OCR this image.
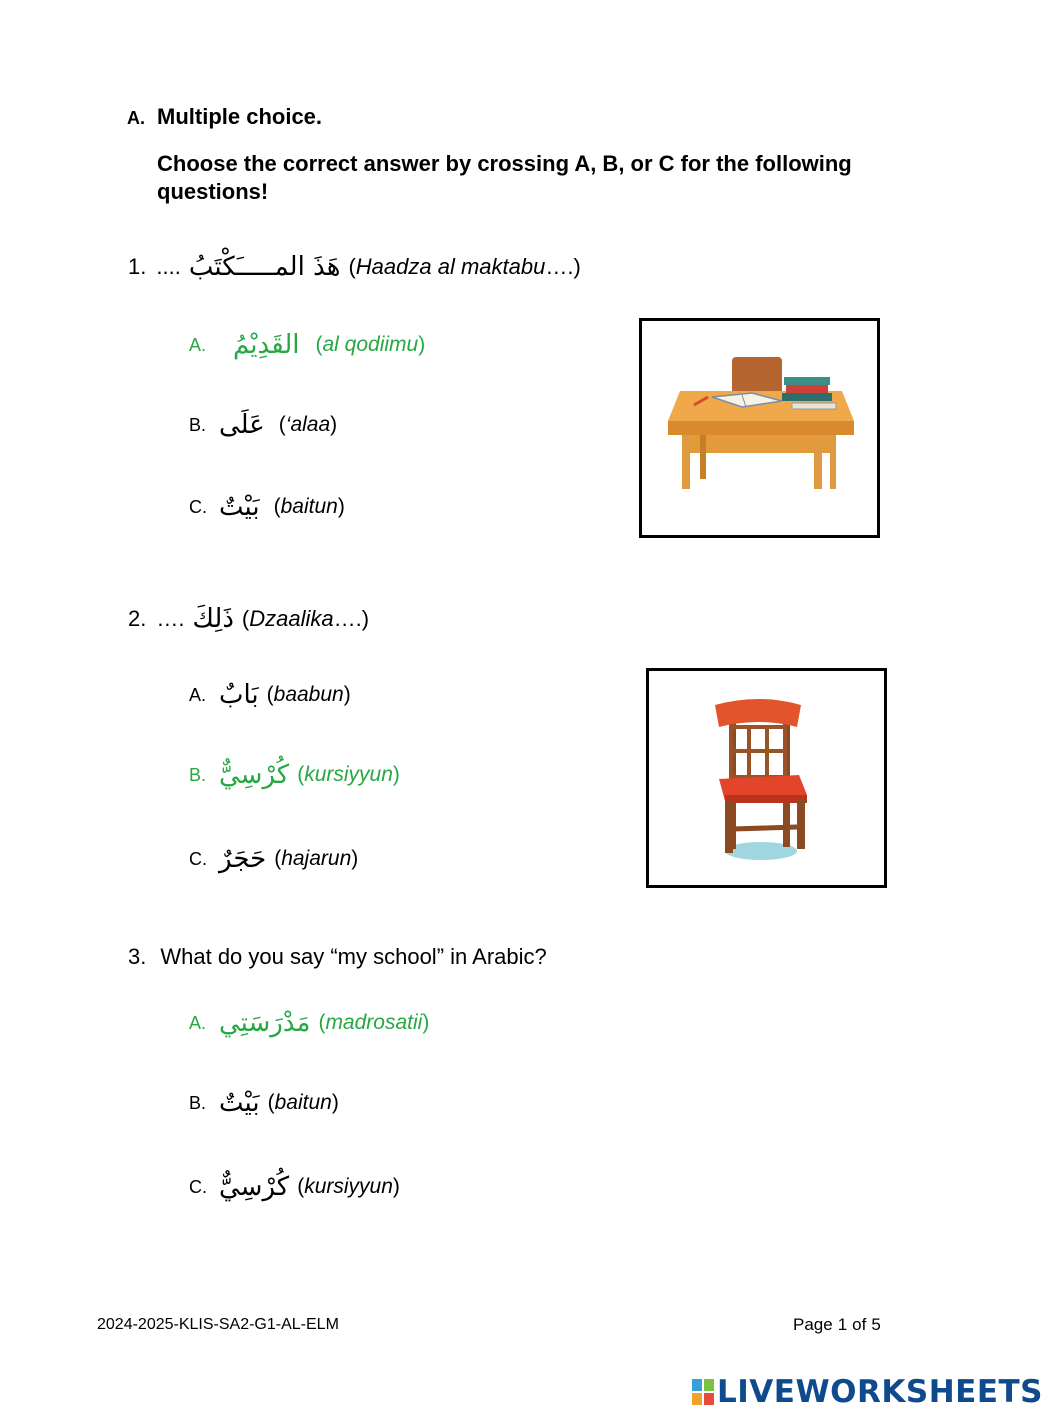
A. Multiple choice.
Choose the correct answer by crossing A, B, or C for the following questions!
1. .... هَذَ المـــــَكْتَبُ ( Haadza al maktabu ….)
A.	القَدِيْمُ ( al qodiimu )
B. عَلَى ( ‘alaa )
C. بَيْتٌ ( baitun )
2. …. ذَلِكَ ( Dzaalika ….)
A. بَابٌ ( baabun )
B. كُرْسِيٌّ ( kursiyyun )
C. حَجَرٌ ( hajarun )
3. What do you say “my school” in Arabic?
A. مَدْرَسَتِي ( madrosatii )
B. بَيْتٌ ( baitun )
C. كُرْسِيٌّ ( kursiyyun )
2024-2025-KLIS-SA2-G1-AL-ELM	Page 1 of 5
LIVEWORKSHEETS
